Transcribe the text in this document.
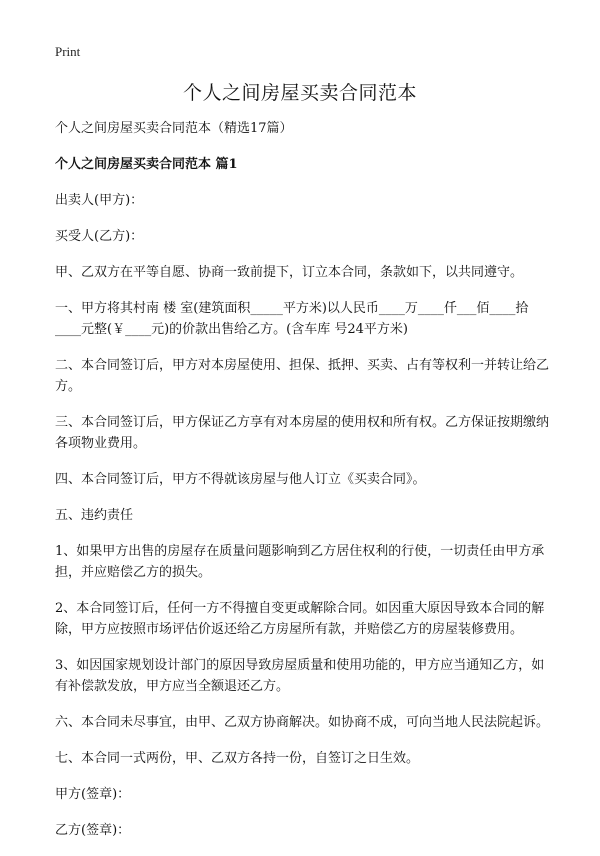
Print
个人之间房屋买卖合同范本

个人之间房屋买卖合同范本（精选17篇）

个人之间房屋买卖合同范本 篇1

出卖人(甲方)：

买受人(乙方)：

甲、乙双方在平等自愿、协商一致前提下，订立本合同，条款如下，以共同遵守。

一、甲方将其村南 楼 室(建筑面积_____平方米)以人民币____万____仟___佰____拾____元整(￥____元)的价款出售给乙方。(含车库 号24平方米)

二、本合同签订后，甲方对本房屋使用、担保、抵押、买卖、占有等权利一并转让给乙方。

三、本合同签订后，甲方保证乙方享有对本房屋的使用权和所有权。乙方保证按期缴纳各项物业费用。

四、本合同签订后，甲方不得就该房屋与他人订立《买卖合同》。

五、违约责任

1、如果甲方出售的房屋存在质量问题影响到乙方居住权利的行使，一切责任由甲方承担，并应赔偿乙方的损失。

2、本合同签订后，任何一方不得擅自变更或解除合同。如因重大原因导致本合同的解除，甲方应按照市场评估价返还给乙方房屋所有款，并赔偿乙方的房屋装修费用。

3、如因国家规划设计部门的原因导致房屋质量和使用功能的，甲方应当通知乙方，如有补偿款发放，甲方应当全额退还乙方。

六、本合同未尽事宜，由甲、乙双方协商解决。如协商不成，可向当地人民法院起诉。

七、本合同一式两份，甲、乙双方各持一份，自签订之日生效。

甲方(签章)：

乙方(签章)：
